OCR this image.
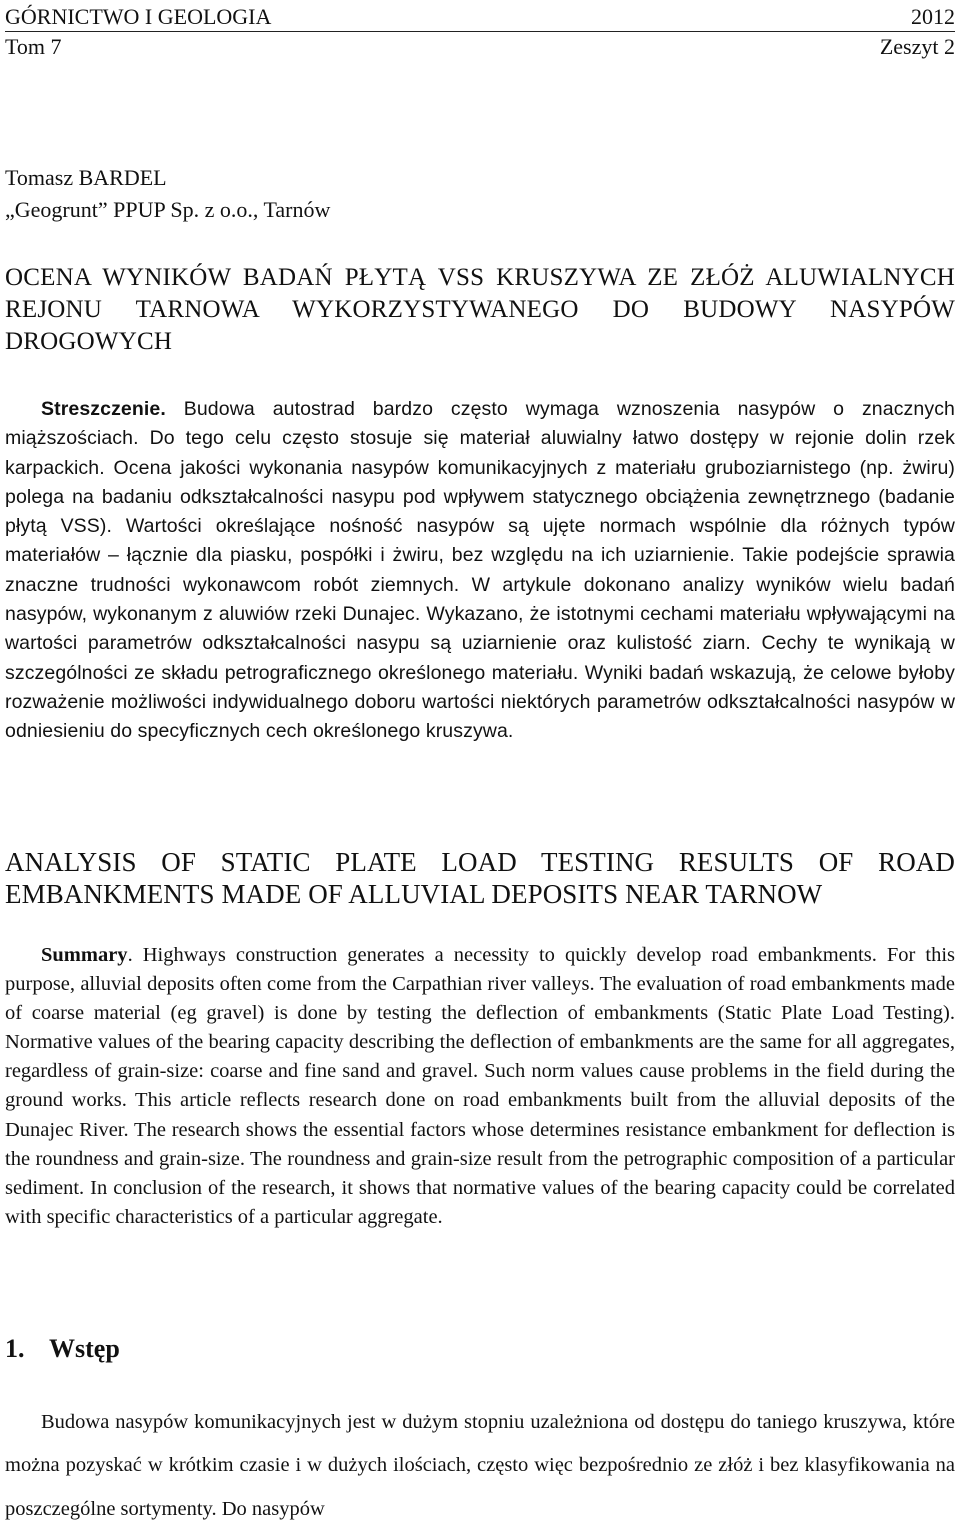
GÓRNICTWO I GEOLOGIA	2012
Tom 7	Zeszyt 2
Tomasz BARDEL
„Geogrunt” PPUP Sp. z o.o., Tarnów
OCENA WYNIKÓW BADAŃ PŁYTĄ VSS KRUSZYWA ZE ZŁÓŻ ALUWIALNYCH REJONU TARNOWA WYKORZYSTYWANEGO DO BUDOWY NASYPÓW DROGOWYCH
Streszczenie. Budowa autostrad bardzo często wymaga wznoszenia nasypów o znacznych miąższościach. Do tego celu często stosuje się materiał aluwialny łatwo dostępy w rejonie dolin rzek karpackich. Ocena jakości wykonania nasypów komunikacyjnych z materiału gruboziarnistego (np. żwiru) polega na badaniu odkształcalności nasypu pod wpływem statycznego obciążenia zewnętrznego (badanie płytą VSS). Wartości określające nośność nasypów są ujęte normach wspólnie dla różnych typów materiałów – łącznie dla piasku, pospółki i żwiru, bez względu na ich uziarnienie. Takie podejście sprawia znaczne trudności wykonawcom robót ziemnych. W artykule dokonano analizy wyników wielu badań nasypów, wykonanym z aluwiów rzeki Dunajec. Wykazano, że istotnymi cechami materiału wpływającymi na wartości parametrów odkształcalności nasypu są uziarnienie oraz kulistość ziarn. Cechy te wynikają w szczególności ze składu petrograficznego określonego materiału. Wyniki badań wskazują, że celowe byłoby rozważenie możliwości indywidualnego doboru wartości niektórych parametrów odkształcalności nasypów w odniesieniu do specyficznych cech określonego kruszywa.
ANALYSIS OF STATIC PLATE LOAD TESTING RESULTS OF ROAD EMBANKMENTS MADE OF ALLUVIAL DEPOSITS NEAR TARNOW
Summary. Highways construction generates a necessity to quickly develop road embankments. For this purpose, alluvial deposits often come from the Carpathian river valleys. The evaluation of road embankments made of coarse material (eg gravel) is done by testing the deflection of embankments (Static Plate Load Testing). Normative values of the bearing capacity describing the deflection of embankments are the same for all aggregates, regardless of grain-size: coarse and fine sand and gravel. Such norm values cause problems in the field during the ground works. This article reflects research done on road embankments built from the alluvial deposits of the Dunajec River. The research shows the essential factors whose determines resistance embankment for deflection is the roundness and grain-size. The roundness and grain-size result from the petrographic composition of a particular sediment. In conclusion of the research, it shows that normative values of the bearing capacity could be correlated with specific characteristics of a particular aggregate.
1. Wstęp
Budowa nasypów komunikacyjnych jest w dużym stopniu uzależniona od dostępu do taniego kruszywa, które można pozyskać w krótkim czasie i w dużych ilościach, często więc bezpośrednio ze złóż i bez klasyfikowania na poszczególne sortymenty. Do nasypów
